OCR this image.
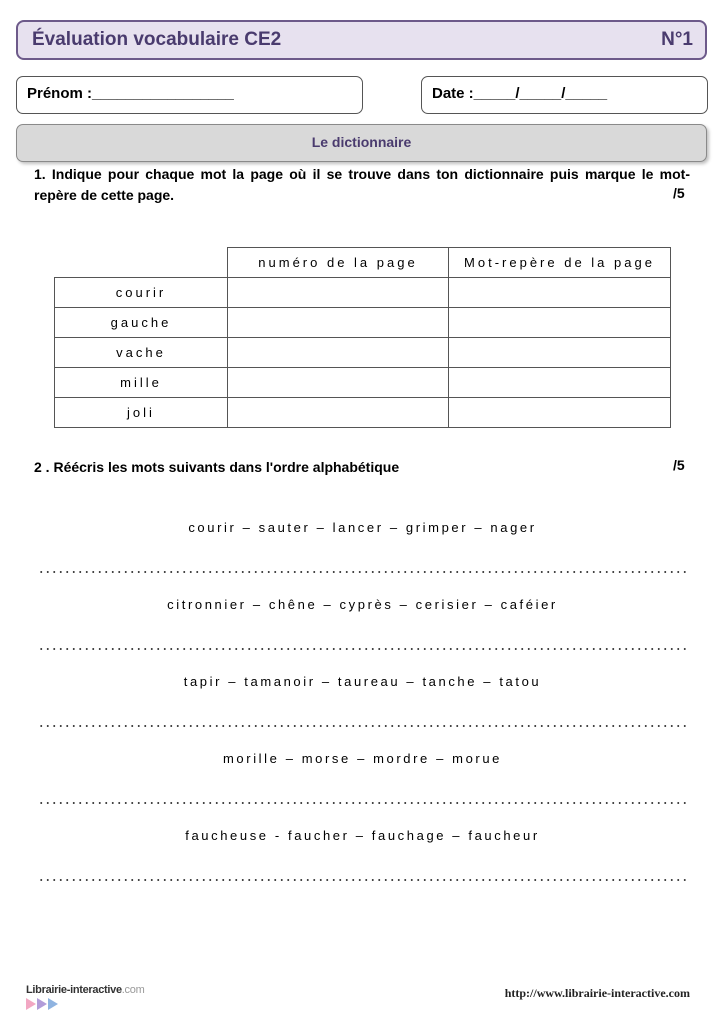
Évaluation vocabulaire CE2	N°1
Prénom :_________________	Date :_____/_____/_____
Le dictionnaire
1. Indique pour chaque mot la page où il se trouve dans ton dictionnaire puis marque le mot-repère de cette page.	/5
	numéro de la page	Mot-repère de la page
courir		
gauche		
vache		
mille		
joli		
2 . Réécris les mots suivants dans l'ordre alphabétique	/5
courir – sauter – lancer – grimper – nager
citronnier – chêne – cyprès – cerisier – caféier
tapir – tamanoir – taureau – tanche – tatou
morille – morse – mordre – morue
faucheuse - faucher – fauchage – faucheur
Librairie-interactive.com	http://www.librairie-interactive.com
